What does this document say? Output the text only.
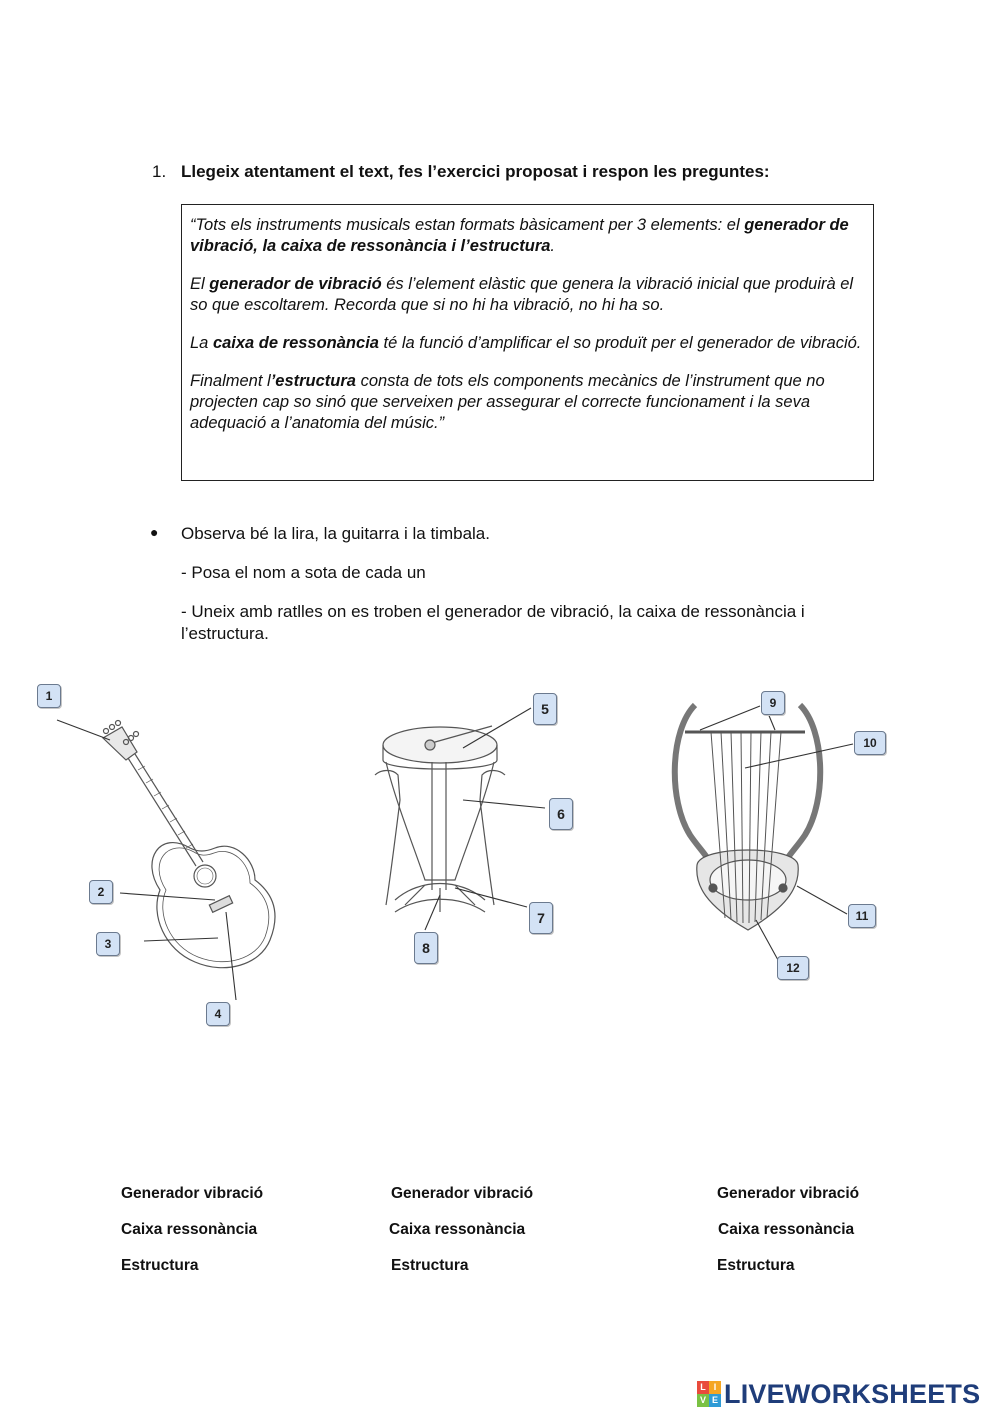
1. Llegeix atentament el text, fes l’exercici proposat i respon les preguntes:

“Tots els instruments musicals estan formats bàsicament per 3 elements: el generador de vibració, la caixa de ressonància i l’estructura.

El generador de vibració és l’element elàstic que genera la vibració inicial que produirà el so que escoltarem. Recorda que si no hi ha vibració, no hi ha so.

La caixa de ressonància té la funció d’amplificar el so produït per el generador de vibració.

Finalment l’estructura consta de tots els components mecànics de l’instrument que no projecten cap so sinó que serveixen per assegurar el correcte funcionament i la seva adequació a l’anatomia del músic.”

● Observa bé la lira, la guitarra i la timbala.
- Posa el nom a sota de cada un
- Uneix amb ratlles on es troben el generador de vibració, la caixa de ressonància i l’estructura.
1
2
3
4
5
6
7
8
9
10
11
12
Generador vibració
Caixa ressonància
Estructura
Generador vibració
Caixa ressonància
Estructura
Generador vibració
Caixa ressonància
Estructura
L I
V E LIVEWORKSHEETS
